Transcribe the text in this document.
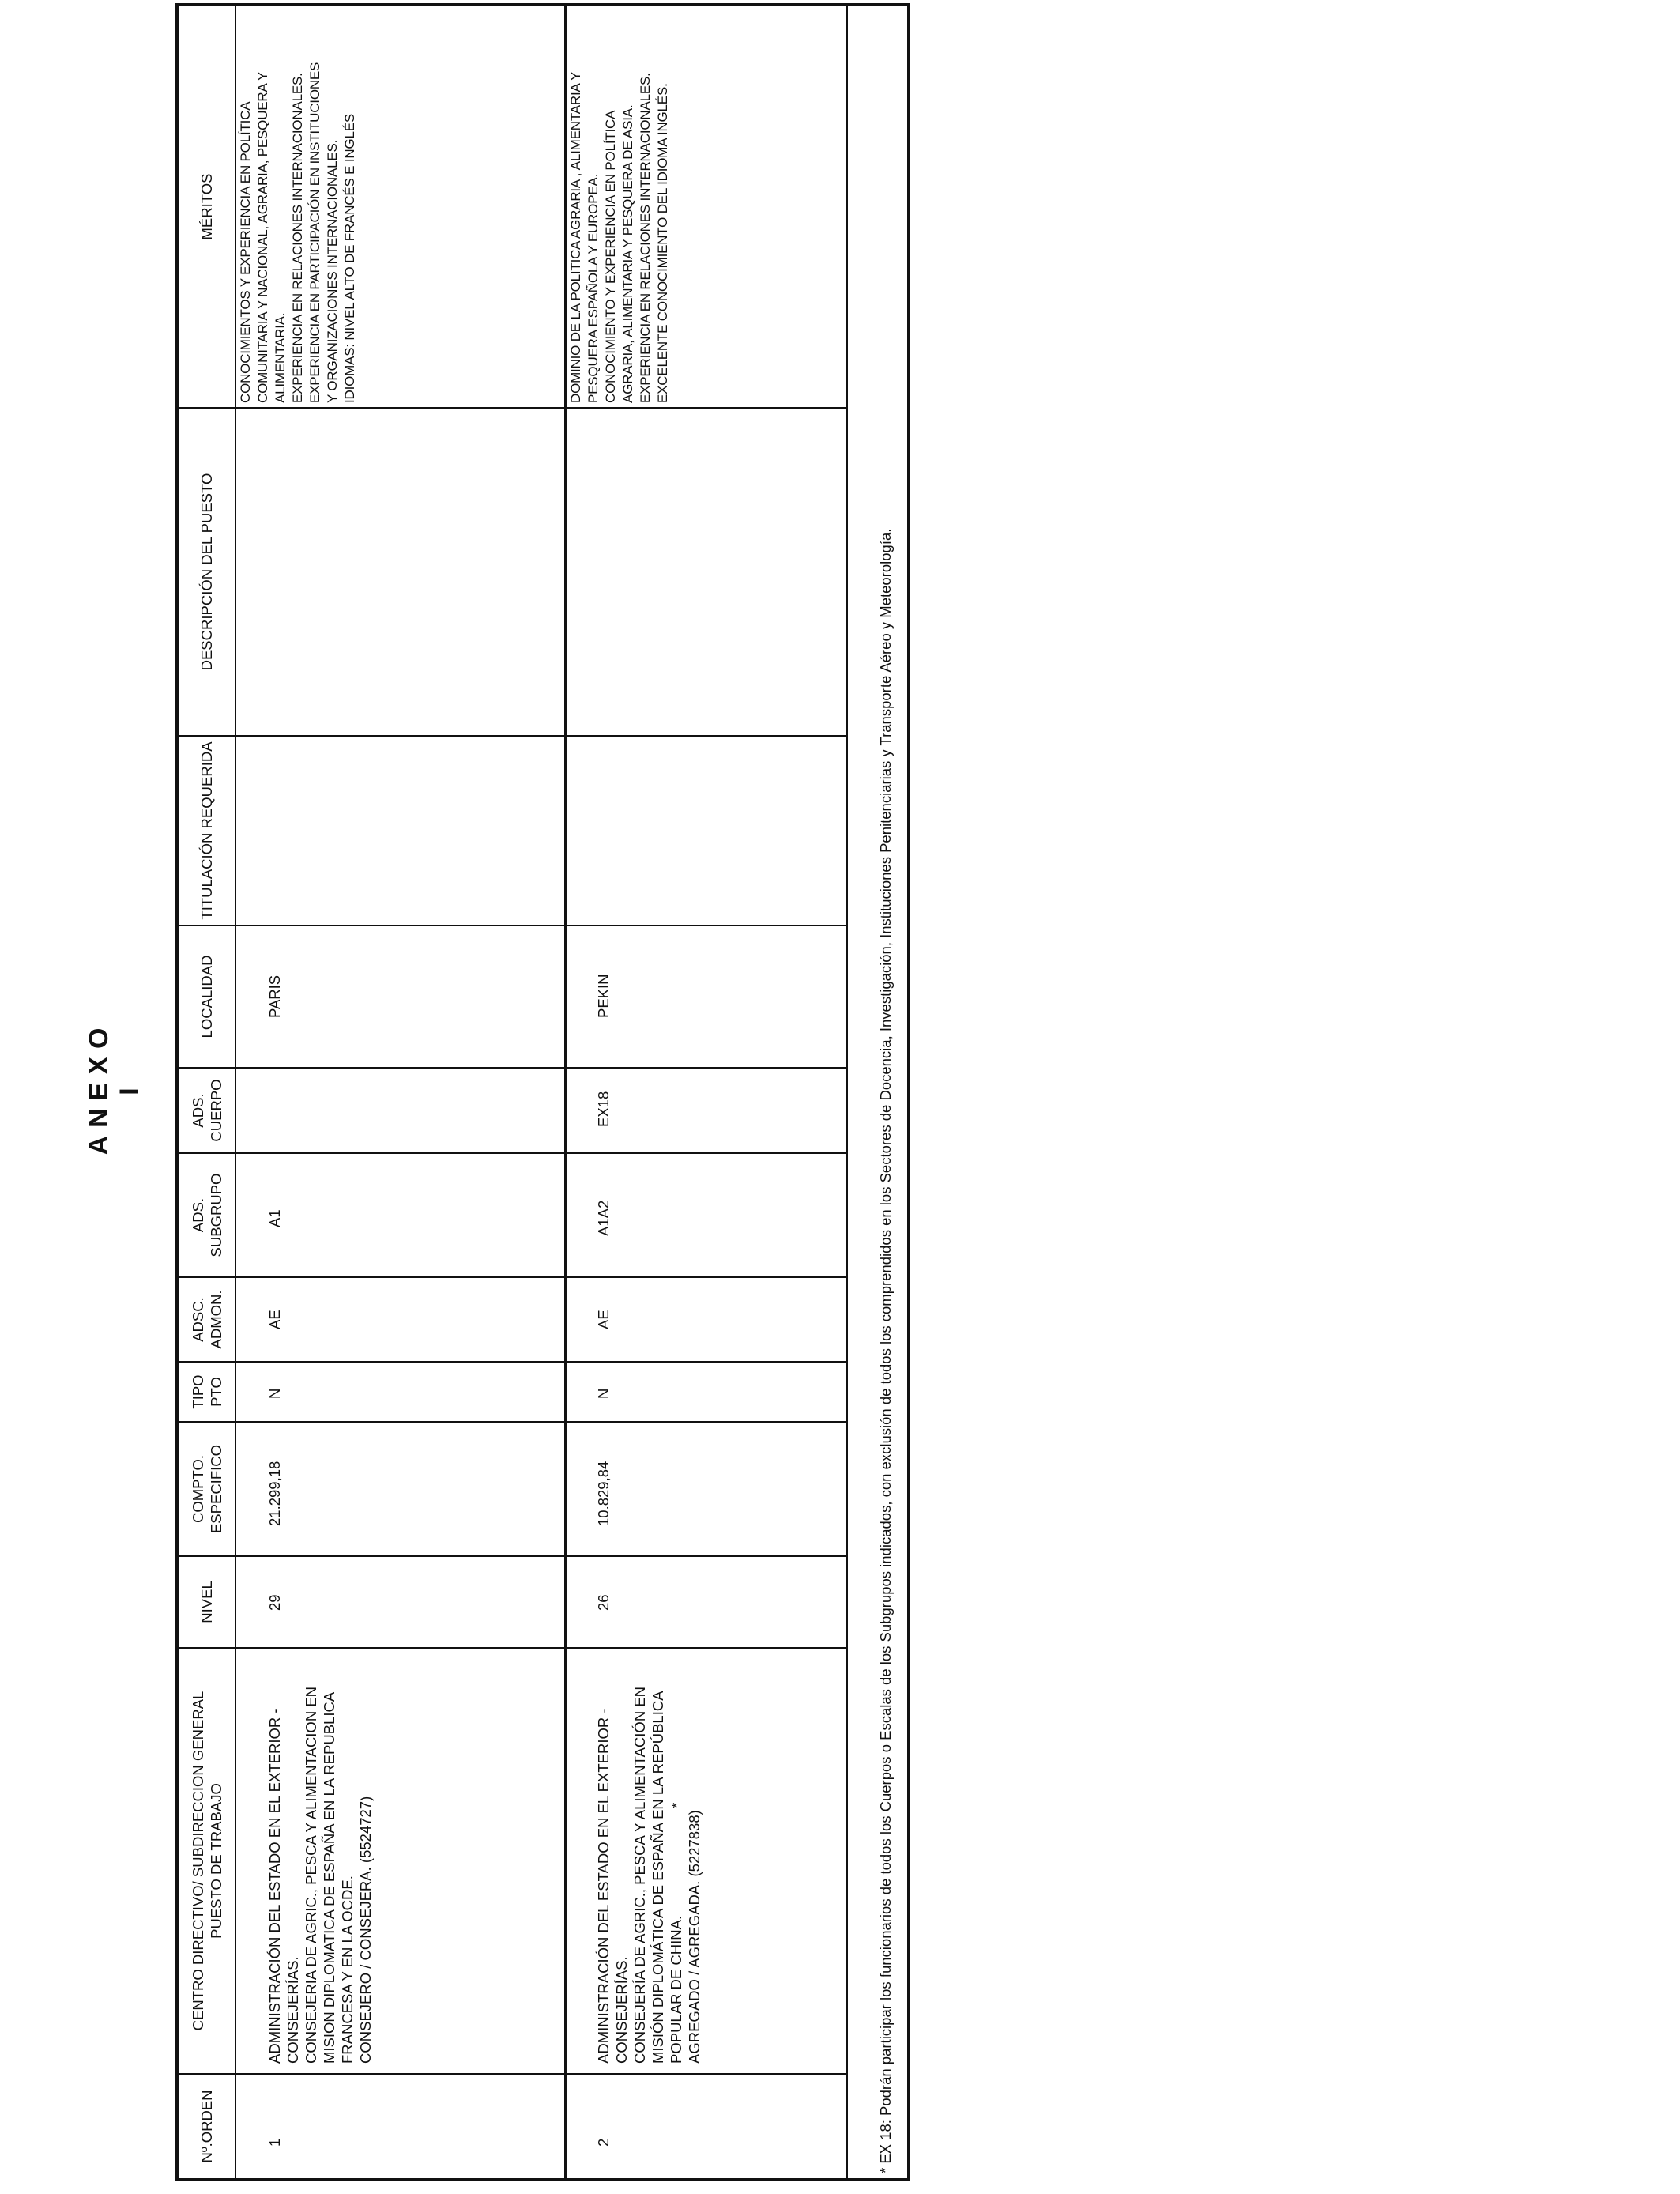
ANEXO I
Nº.ORDEN
CENTRO DIRECTIVO/ SUBDIRECCION GENERAL PUESTO DE TRABAJO
NIVEL
COMPTO. ESPECIFICO
TIPO PTO
ADSC. ADMON.
ADS. SUBGRUPO
ADS. CUERPO
LOCALIDAD
TITULACIÓN REQUERIDA
DESCRIPCIÓN DEL PUESTO
MÉRITOS
1
ADMINISTRACIÓN DEL ESTADO EN EL EXTERIOR -
CONSEJERÍAS.
CONSEJERIA DE AGRIC., PESCA Y ALIMENTACION EN
MISION DIPLOMATICA DE ESPAÑA EN LA REPUBLICA
FRANCESA Y EN LA OCDE.
CONSEJERO / CONSEJERA. (5524727)
29
21.299,18
N
AE
A1
PARIS
CONOCIMIENTOS Y EXPERIENCIA EN POLÍTICA
COMUNITARIA Y NACIONAL, AGRARIA, PESQUERA Y
ALIMENTARIA.
EXPERIENCIA EN RELACIONES INTERNACIONALES.
EXPERIENCIA EN PARTICIPACIÓN EN INSTITUCIONES
Y ORGANIZACIONES INTERNACIONALES.
IDIOMAS: NIVEL ALTO DE FRANCÉS E INGLÉS
2
ADMINISTRACIÓN DEL ESTADO EN EL EXTERIOR -
CONSEJERÍAS.
CONSEJERÍA DE AGRIC., PESCA Y ALIMENTACIÓN EN
MISIÓN DIPLOMÁTICA DE ESPAÑA EN LA REPÚBLICA
POPULAR DE CHINA.
AGREGADO / AGREGADA. (5227838)
*
26
10.829,84
N
AE
A1A2
EX18
PEKIN
DOMINIO DE LA POLITICA AGRARIA , ALIMENTARIA Y
PESQUERA ESPAÑOLA Y EUROPEA.
CONOCIMIENTO Y EXPERIENCIA EN POLÍTICA
AGRARIA, ALIMENTARIA Y PESQUERA DE ASIA.
EXPERIENCIA EN RELACIONES INTERNACIONALES.
EXCELENTE CONOCIMIENTO DEL IDIOMA INGLÉS.
* EX 18: Podrán participar los funcionarios de todos los Cuerpos o Escalas de los Subgrupos indicados, con exclusión de todos los comprendidos en los Sectores de Docencia, Investigación, Instituciones Penitenciarias y Transporte Aéreo y Meteorología.
